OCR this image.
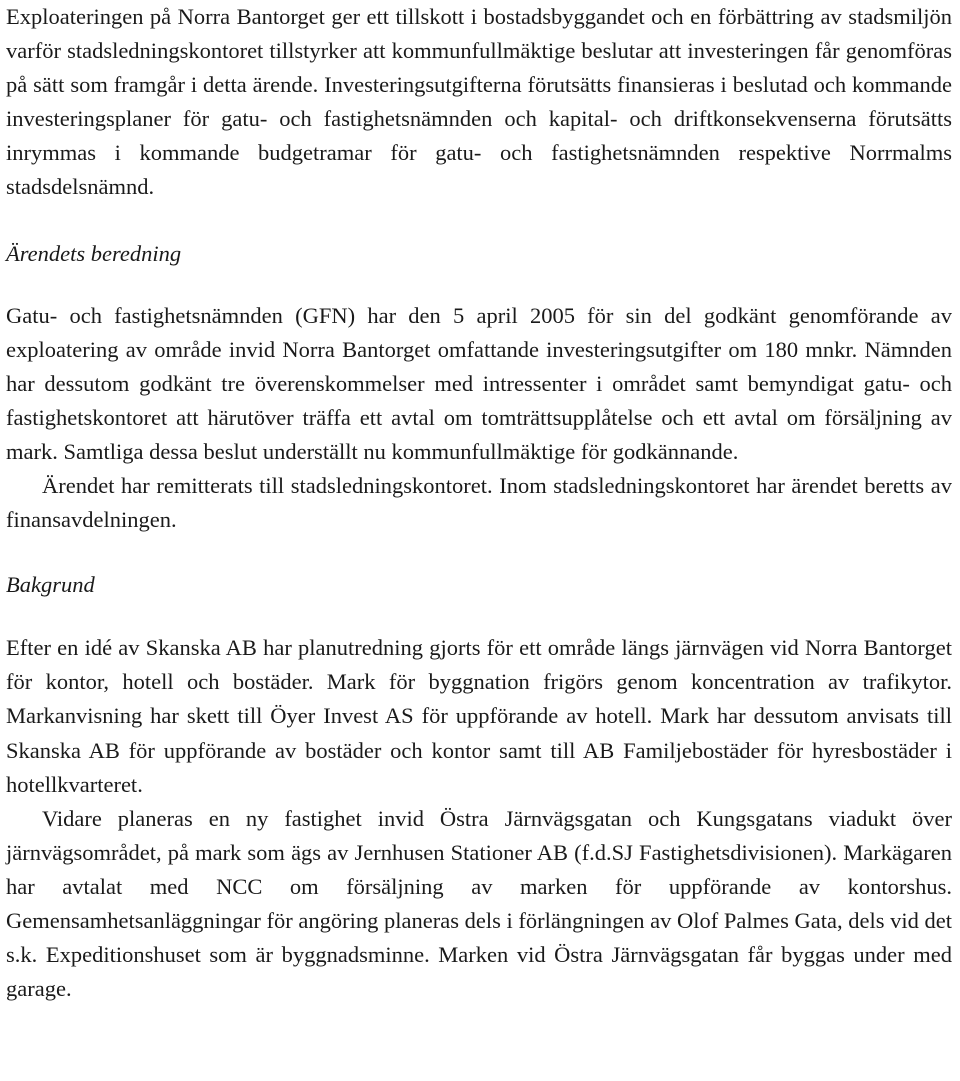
Exploateringen på Norra Bantorget ger ett tillskott i bostadsbyggandet och en förbättring av stadsmiljön varför stadsledningskontoret tillstyrker att kommunfullmäktige beslutar att investeringen får genomföras på sätt som framgår i detta ärende. Investeringsutgifterna förutsätts finansieras i beslutad och kommande investeringsplaner för gatu- och fastighetsnämnden och kapital- och driftkonsekvenserna förutsätts inrymmas i kommande budgetramar för gatu- och fastighetsnämnden respektive Norrmalms stadsdelsnämnd.

Ärendets beredning

Gatu- och fastighetsnämnden (GFN) har den 5 april 2005 för sin del godkänt genomförande av exploatering av område invid Norra Bantorget omfattande investeringsutgifter om 180 mnkr. Nämnden har dessutom godkänt tre överenskommelser med intressenter i området samt bemyndigat gatu- och fastighetskontoret att härutöver träffa ett avtal om tomträttsupplåtelse och ett avtal om försäljning av mark. Samtliga dessa beslut underställt nu kommunfullmäktige för godkännande.

Ärendet har remitterats till stadsledningskontoret. Inom stadsledningskontoret har ärendet beretts av finansavdelningen.

Bakgrund

Efter en idé av Skanska AB har planutredning gjorts för ett område längs järnvägen vid Norra Bantorget för kontor, hotell och bostäder. Mark för byggnation frigörs genom koncentration av trafikytor. Markanvisning har skett till Öyer Invest AS för uppförande av hotell. Mark har dessutom anvisats till Skanska AB för uppförande av bostäder och kontor samt till AB Familjebostäder för hyresbostäder i hotellkvarteret.

Vidare planeras en ny fastighet invid Östra Järnvägsgatan och Kungsgatans viadukt över järnvägsområdet, på mark som ägs av Jernhusen Stationer AB (f.d.SJ Fastighetsdivisionen). Markägaren har avtalat med NCC om försäljning av marken för uppförande av kontorshus. Gemensamhetsanläggningar för angöring planeras dels i förlängningen av Olof Palmes Gata, dels vid det s.k. Expeditionshuset som är byggnadsminne. Marken vid Östra Järnvägsgatan får byggas under med garage.
